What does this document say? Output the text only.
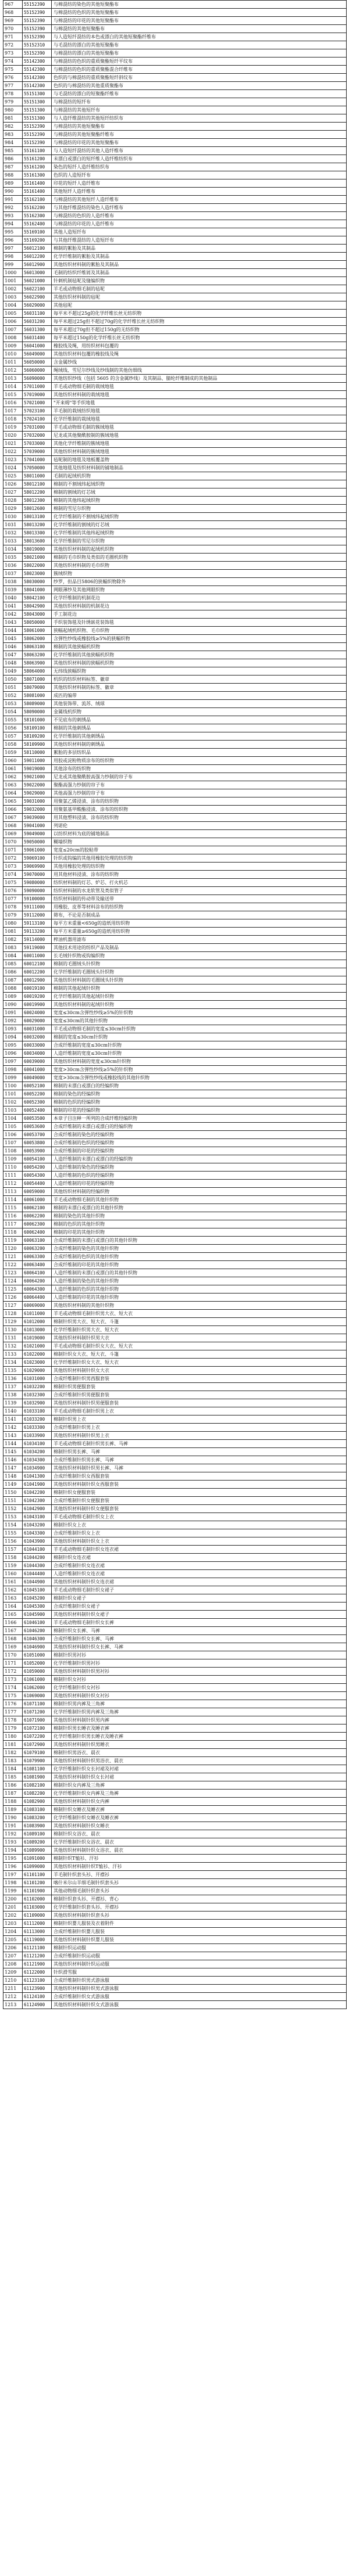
967	55152390	与棉混纺的染色的其他短聚酯布
968	55152390	与棉混纺的色织的其他短聚酯布
969	55152390	与棉混纺的印花的其他短聚酯布
970	55152390	与棉混纺的其他短聚酯布
971	55152390	与人造短纤混纺的本色或漂白的其他短聚酯纤维布
972	55152310	与毛混纺的漂白的其他短聚酯布
973	55152390	与棉混纺的漂白的其他短聚酯布
974	55142300	与棉混纺的色织的重质聚酯短纤平纹布
975	55142300	与棉混纺的色织的重质聚酯混合纤维布
976	55142300	色织的与棉混纺的重质聚酯短纤斜纹布
977	55142300	色织的与棉混纺的其他重质聚酯布
978	55151300	与毛混纺的漂白的短聚酯纤维布
979	55151300	与棉混纺的短纤布
980	55151300	与棉混纺的其他短纤布
981	55151300	与人造纤维混纺的其他短纤纺织布
982	55152390	与棉混纺的其他短聚酯布
983	55152390	与棉混纺的其他短聚酯纤维布
984	55152390	与棉混纺的印花的其他短聚酯布
985	55161100	与人造短纤混纺的其他人造纤维布
986	55161200	未漂白或漂白的短纤维人造纤维纺织布
987	55161200	染色的短纤人造纤维纺织布
988	55161300	色织的人造短纤布
989	55161400	印花的短纤人造纤维布
990	55161400	其他短纤人造纤维布
991	55162100	与棉混纺的其他短纤人造纤维布
992	55162200	与其他纤维混纺的染色人造纤维布
993	55162300	与棉混纺的色织的人造纤维布
994	55162400	与棉混纺的印花的人造纤维布
995	55169100	其他人造短纤布
996	55169200	与其他纤维混纺的人造短纤布
997	56012100	棉制的絮胎及其制品
998	56012200	化学纤维制的絮胎及其制品
999	56012900	其他纺织材料制的絮胎及其制品
1000	56013000	毛制的纺织纤维屑及其制品
1001	56021000	针刺机制毡呢及缝编织物
1002	56022100	羊毛或动物细毛制的毡呢
1003	56022900	其他纺织材料制的毡呢
1004	56029000	其他毡呢
1005	56031100	每平米不超过25g的化学纤维长丝无纺织物
1006	56031200	每平米超过25g但不超过70g的化学纤维长丝无纺织物
1007	56031300	每平米超过70g但不超过150g的无纺织物
1008	56031400	每平米超过150g的化学纤维长丝无纺织物
1009	56041000	橡胶线及绳，用纺织材料包覆的
1010	56049000	其他纺织材料包覆的橡胶线及绳
1011	56050000	含金属纱线
1012	56060000	绳绒线、雪尼尔纱线及纱线制的其他仿细线
1013	56090000	其他纺织纱线（包括 5605 的含金属纱线）及其制品、腈纶纤维制成的其他制品
1014	57011000	羊毛或动物细毛制的栽绒地毯
1015	57019000	其他纺织材料制的栽绒地毯
1016	57021000	"开来姆"等手织地毯
1017	57023100	羊毛制的栽绒纺织地毯
1018	57024100	化学纤维制的栽绒地毯
1019	57031000	羊毛或动物细毛制的簇绒地毯
1020	57032000	尼龙或其他聚酰胺制的簇绒地毯
1021	57033000	其他化学纤维制的簇绒地毯
1022	57039000	其他纺织材料制的簇绒地毯
1023	57041000	毡呢制的地毯及地板覆盖物
1024	57050000	其他地毯及纺织材料制的铺地制品
1025	58011000	毛制的起绒机织物
1026	58012100	棉制的不割绒纬起绒织物
1027	58012200	棉制的割绒的灯芯绒
1028	58012300	棉制的其他纬起绒织物
1029	58012600	棉制的雪尼尔织物
1030	58013100	化学纤维制的不割绒纬起绒织物
1031	58013200	化学纤维制的割绒的灯芯绒
1032	58013300	化学纤维制的其他纬起绒织物
1033	58013600	化学纤维制的雪尼尔织物
1034	58019000	其他纺织材料制的起绒机织物
1035	58021000	棉制的毛巾织物及类似的毛圈机织物
1036	58022000	其他纺织材料制的毛巾织物
1037	58023000	簇绒织物
1038	58030000	纱罗，但品目5806的狭幅织物除外
1039	58041000	网眼薄纱及其他网眼织物
1040	58042100	化学纤维制的机制花边
1041	58042900	其他纺织材料制的机制花边
1042	58043000	手工制花边
1043	58050000	手织装饰毯及针绣嵌花装饰毯
1044	58061000	狭幅起绒机织物、毛巾织物
1045	58062000	含弹性纱线或橡胶线≥5%的狭幅织物
1046	58063100	棉制的其他狭幅机织物
1047	58063200	化学纤维制的其他狭幅机织物
1048	58063900	其他纺织材料制的狭幅机织物
1049	58064000	无纬线狭幅织物
1050	58071000	机织的纺织材料标签、徽章
1051	58079000	其他纺织材料制的标签、徽章
1052	58081000	成匹的编带
1053	58089000	其他装饰带、流苏、绒球
1054	58090000	金属线机织物
1055	58101000	不见底布的刺绣品
1056	58109100	棉制的其他刺绣品
1057	58109200	化学纤维制的其他刺绣品
1058	58109900	其他纺织材料制的刺绣品
1059	58110000	絮胎的多层纺织品
1060	59011000	用胶或淀粉物质涂布的纺织物
1061	59019000	其他涂布的纺织物
1062	59021000	尼龙或其他聚酰胺高强力纱制的帘子布
1063	59022000	聚酯高强力纱制的帘子布
1064	59029000	其他高强力纱制的帘子布
1065	59031000	用聚氯乙烯浸渍、涂布的纺织物
1066	59032000	用聚氨基甲酸酯浸渍、涂布的纺织物
1067	59039000	用其他塑料浸渍、涂布的纺织物
1068	59041000	列诺伦
1069	59049000	以纺织材料为底的铺地制品
1070	59050000	糊墙织物
1071	59061000	宽度≤20cm的胶粘带
1072	59069100	针织或钩编的其他用橡胶处理的纺织物
1073	59069900	其他用橡胶处理的纺织物
1074	59070000	用其他材料浸渍、涂布的纺织物
1075	59080000	纺织材料制的灯芯、炉芯、打火机芯
1076	59090000	纺织材料制的水龙软管及类似管子
1077	59100000	纺织材料制的传动带及输送带
1078	59111000	用橡胶、皮革等材料涂布的纺织物
1079	59112000	筛布，不论是否制成品
1080	59113100	每平方米重量<650g的造纸用纺织物
1081	59113200	每平方米重量≥650g的造纸用纺织物
1082	59114000	榨油机器用滤布
1083	59119000	其他技术用途的纺织产品及制品
1084	60011000	长毛绒针织物或钩编织物
1085	60012100	棉制的毛圈绒头针织物
1086	60012200	化学纤维制的毛圈绒头针织物
1087	60012900	其他纺织材料制的毛圈绒头针织物
1088	60019100	棉制的其他起绒针织物
1089	60019200	化学纤维制的其他起绒针织物
1090	60019900	其他纺织材料制的起绒针织物
1091	60024000	宽度≤30cm含弹性纱线≥5%的针织物
1092	60029000	宽度≤30cm的其他针织物
1093	60031000	羊毛或动物细毛制的宽度≤30cm针织物
1094	60032000	棉制的宽度≤30cm针织物
1095	60033000	合成纤维制的宽度≤30cm针织物
1096	60034000	人造纤维制的宽度≤30cm针织物
1097	60039000	其他纺织材料制的宽度≤30cm针织物
1098	60041000	宽度>30cm含弹性纱线≥5%的针织物
1099	60049000	宽度>30cm含弹性纱线或橡胶线的其他针织物
1100	60052100	棉制的未漂白或漂白的经编织物
1101	60052200	棉制的染色的经编织物
1102	60052300	棉制的色织的经编织物
1103	60052400	棉制的印花的经编织物
1104	60053500	本章子目注释一所列的合成纤维经编织物
1105	60053600	合成纤维制的未漂白或漂白的经编织物
1106	60053700	合成纤维制的染色的经编织物
1107	60053800	合成纤维制的色织的经编织物
1108	60053900	合成纤维制的印花的经编织物
1109	60054100	人造纤维制的未漂白或漂白的经编织物
1110	60054200	人造纤维制的染色的经编织物
1111	60054300	人造纤维制的色织的经编织物
1112	60054400	人造纤维制的印花的经编织物
1113	60059000	其他纺织材料制的经编织物
1114	60061000	羊毛或动物细毛制的其他针织物
1115	60062100	棉制的未漂白或漂白的其他针织物
1116	60062200	棉制的染色的其他针织物
1117	60062300	棉制的色织的其他针织物
1118	60062400	棉制的印花的其他针织物
1119	60063100	合成纤维制的未漂白或漂白的其他针织物
1120	60063200	合成纤维制的染色的其他针织物
1121	60063300	合成纤维制的色织的其他针织物
1122	60063400	合成纤维制的印花的其他针织物
1123	60064100	人造纤维制的未漂白或漂白的其他针织物
1124	60064200	人造纤维制的染色的其他针织物
1125	60064300	人造纤维制的色织的其他针织物
1126	60064400	人造纤维制的印花的其他针织物
1127	60069000	其他纺织材料制的其他针织物
1128	61011000	羊毛或动物细毛制针织男大衣、短大衣
1129	61012000	棉制针织男大衣、短大衣、斗篷
1130	61013000	化学纤维制针织男大衣、短大衣
1131	61019000	其他纺织材料制针织男大衣
1132	61021000	羊毛或动物细毛制针织女大衣、短大衣
1133	61022000	棉制针织女大衣、短大衣、斗篷
1134	61023000	化学纤维制针织女大衣、短大衣
1135	61029000	其他纺织材料制针织女大衣
1136	61031000	合成纤维制针织男西服套装
1137	61032200	棉制针织男便服套装
1138	61032300	合成纤维制针织男便服套装
1139	61032900	其他纺织材料制针织男便服套装
1140	61033100	羊毛或动物细毛制针织男上衣
1141	61033200	棉制针织男上衣
1142	61033300	合成纤维制针织男上衣
1143	61033900	其他纺织材料制针织男上衣
1144	61034100	羊毛或动物细毛制针织男长裤、马裤
1145	61034200	棉制针织男长裤、马裤
1146	61034300	合成纤维制针织男长裤、马裤
1147	61034900	其他纺织材料制针织男长裤、马裤
1148	61041300	合成纤维制针织女西服套装
1149	61041900	其他纺织材料制针织女西服套装
1150	61042200	棉制针织女便服套装
1151	61042300	合成纤维制针织女便服套装
1152	61042900	其他纺织材料制针织女便服套装
1153	61043100	羊毛或动物细毛制针织女上衣
1154	61043200	棉制针织女上衣
1155	61043300	合成纤维制针织女上衣
1156	61043900	其他纺织材料制针织女上衣
1157	61044100	羊毛或动物细毛制针织女连衣裙
1158	61044200	棉制针织女连衣裙
1159	61044300	合成纤维制针织女连衣裙
1160	61044400	人造纤维制针织女连衣裙
1161	61044900	其他纺织材料制针织女连衣裙
1162	61045100	羊毛或动物细毛制针织女裙子
1163	61045200	棉制针织女裙子
1164	61045300	合成纤维制针织女裙子
1165	61045900	其他纺织材料制针织女裙子
1166	61046100	羊毛或动物细毛制针织女长裤
1167	61046200	棉制针织女长裤、马裤
1168	61046300	合成纤维制针织女长裤、马裤
1169	61046900	其他纺织材料制针织女长裤、马裤
1170	61051000	棉制针织男衬衫
1171	61052000	化学纤维制针织男衬衫
1172	61059000	其他纺织材料制针织男衬衫
1173	61061000	棉制针织女衬衫
1174	61062000	化学纤维制针织女衬衫
1175	61069000	其他纺织材料制针织女衬衫
1176	61071100	棉制针织男内裤及三角裤
1177	61071200	化学纤维制针织男内裤及三角裤
1178	61071900	其他纺织材料制针织男内裤
1179	61072100	棉制针织男长睡衣及睡衣裤
1180	61072200	化学纤维制针织男长睡衣及睡衣裤
1181	61072900	其他纺织材料制针织男睡衣
1182	61079100	棉制针织男浴衣、晨衣
1183	61079900	其他纺织材料制针织男浴衣、晨衣
1184	61081100	化学纤维制针织女长衬裙及衬裙
1185	61081900	其他纺织材料制针织女长衬裙
1186	61082100	棉制针织女内裤及三角裤
1187	61082200	化学纤维制针织女内裤及三角裤
1188	61082900	其他纺织材料制针织女内裤
1189	61083100	棉制针织女睡衣及睡衣裤
1190	61083200	化学纤维制针织女睡衣及睡衣裤
1191	61083900	其他纺织材料制针织女睡衣
1192	61089100	棉制针织女浴衣、晨衣
1193	61089200	化学纤维制针织女浴衣、晨衣
1194	61089900	其他纺织材料制针织女浴衣、晨衣
1195	61091000	棉制针织T恤衫、汗衫
1196	61099000	其他纺织材料制针织T恤衫、汗衫
1197	61101100	羊毛制针织套头衫、开襟衫
1198	61101200	喀什米尔山羊细毛制针织套头衫
1199	61101900	其他动物细毛制针织套头衫
1200	61102000	棉制针织套头衫、开襟衫、背心
1201	61103000	化学纤维制针织套头衫、开襟衫
1202	61109000	其他纺织材料制针织套头衫
1203	61112000	棉制针织婴儿服装及衣着附件
1204	61113000	合成纤维制针织婴儿服装
1205	61119000	其他纺织材料制针织婴儿服装
1206	61121100	棉制针织运动服
1207	61121200	合成纤维制针织运动服
1208	61121900	其他纺织材料制针织运动服
1209	61122000	针织滑雪服
1210	61123100	合成纤维制针织男式游泳服
1211	61123900	其他纺织材料制针织男式游泳服
1212	61124100	合成纤维制针织女式游泳服
1213	61124900	其他纺织材料制针织女式游泳服
